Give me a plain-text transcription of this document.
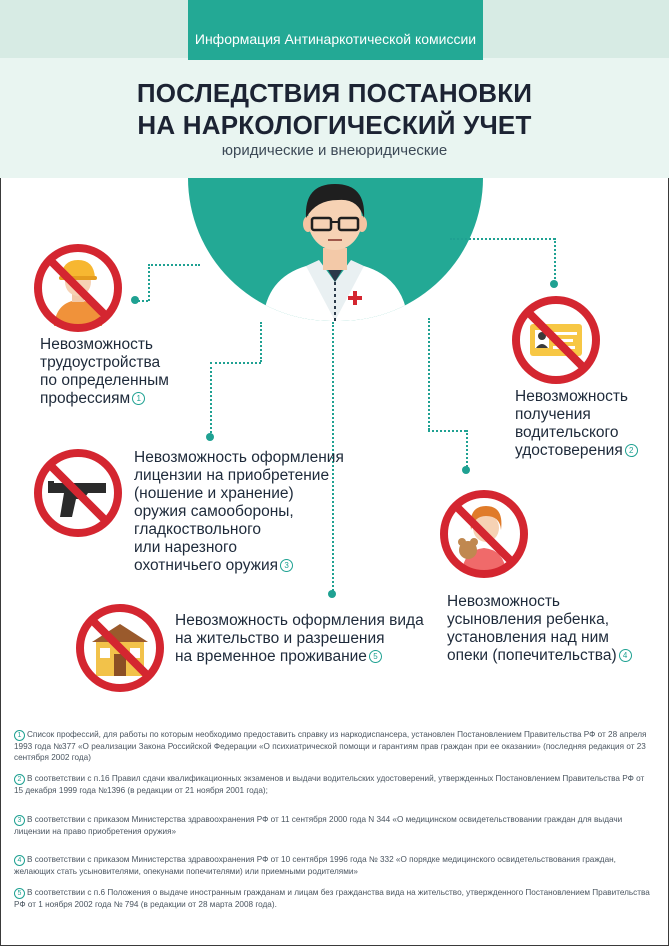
Информация Антинаркотической комиссии
ПОСЛЕДСТВИЯ ПОСТАНОВКИ
НА НАРКОЛОГИЧЕСКИЙ УЧЕТ
юридические и внеюридические
Невозможность
трудоустройства
по определенным
профессиям 1	Невозможность
получения
водительского
удостоверения 2
Невозможность оформления
лицензии на приобретение
(ношение и хранение)
оружия самообороны,
гладкоствольного
или нарезного
охотничьего оружия 3
Невозможность
усыновления ребенка,
установления над ним
опеки (попечительства) 4
Невозможность оформления вида
на жительство и разрешения
на временное проживание 5
1 Список профессий, для работы по которым необходимо предоставить справку из наркодиспансера, установлен Постановлением Правительства РФ от 28 апреля 1993 года №377 «О реализации Закона Российской Федерации «О психиатрической помощи и гарантиям прав граждан при ее оказании» (последняя редакция от 23 сентября 2002 года)
2 В соответствии с п.16 Правил сдачи квалификационных экзаменов и выдачи водительских удостоверений, утвержденных Постановлением Правительства РФ от 15 декабря 1999 года №1396 (в редакции от 21 ноября 2001 года);
3 В соответствии с приказом Министерства здравоохранения РФ от 11 сентября 2000 года N 344 «О медицинском освидетельствовании граждан для выдачи лицензии на право приобретения оружия»
4 В соответствии с приказом Министерства здравоохранения РФ от 10 сентября 1996 года № 332 «О порядке медицинского освидетельствования граждан, желающих стать усыновителями, опекунами попечителями) или приемными родителями»
5 В соответствии с п.6 Положения о выдаче иностранным гражданам и лицам без гражданства вида на жительство, утвержденного Постановлением Правительства РФ от 1 ноября 2002 года № 794 (в редакции от 28 марта 2008 года).
